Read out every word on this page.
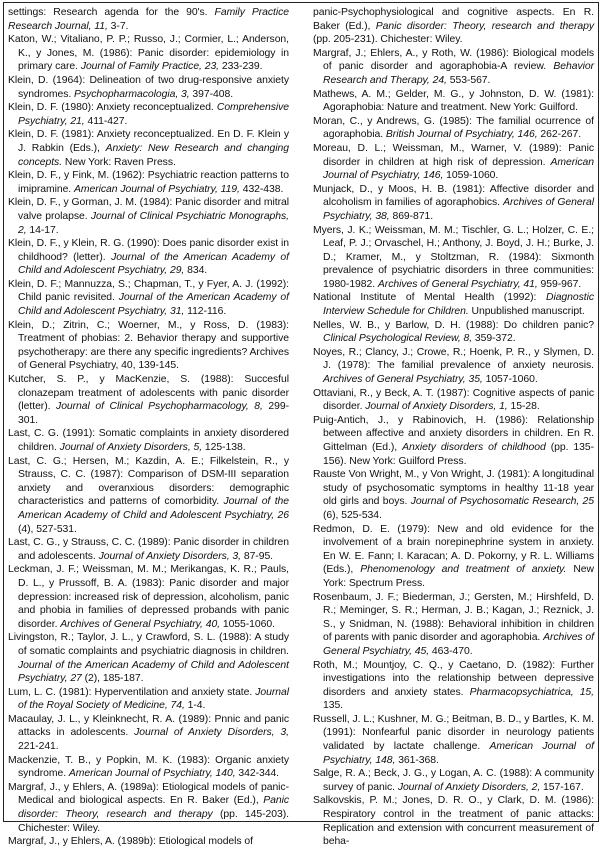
settings: Research agenda for the 90's. Family Practice Research Journal, 11, 3-7.

Katon, W.; Vitaliano, P. P.; Russo, J.; Cormier, L.; Anderson, K., y Jones, M. (1986): Panic disorder: epidemiology in primary care. Journal of Family Practice, 23, 233-239.

Klein, D. (1964): Delineation of two drug-responsive anxiety syndromes. Psychopharmacologia, 3, 397-408.

Klein, D. F. (1980): Anxiety reconceptualized. Comprehensive Psychiatry, 21, 411-427.

Klein, D. F. (1981): Anxiety reconceptualized. En D. F. Klein y J. Rabkin (Eds.), Anxiety: New Research and changing concepts. New York: Raven Press.

Klein, D. F., y Fink, M. (1962): Psychiatric reaction patterns to imipramine. American Journal of Psychiatry, 119, 432-438.

Klein, D. F., y Gorman, J. M. (1984): Panic disorder and mitral valve prolapse. Journal of Clinical Psychiatric Monographs, 2, 14-17.

Klein, D. F., y Klein, R. G. (1990): Does panic disorder exist in childhood? (letter). Journal of the American Academy of Child and Adolescent Psychiatry, 29, 834.

Klein, D. F.; Mannuzza, S.; Chapman, T., y Fyer, A. J. (1992): Child panic revisited. Journal of the American Academy of Child and Adolescent Psychiatry, 31, 112-116.

Klein, D.; Zitrin, C.; Woerner, M., y Ross, D. (1983): Treatment of phobias: 2. Behavior therapy and supportive psychotherapy: are there any specific ingredients? Archives of General Psychiatry, 40, 139-145.

Kutcher, S. P., y MacKenzie, S. (1988): Succesful clonazepam treatment of adolescents with panic disorder (letter). Journal of Clinical Psychopharmacology, 8, 299-301.

Last, C. G. (1991): Somatic complaints in anxiety disordered children. Journal of Anxiety Disorders, 5, 125-138.

Last, C. G.; Hersen, M.; Kazdin, A. E.; Filkelstein, R., y Strauss, C. C. (1987): Comparison of DSM-III separation anxiety and overanxious disorders: demographic characteristics and patterns of comorbidity. Journal of the American Academy of Child and Adolescent Psychiatry, 26 (4), 527-531.

Last, C. G., y Strauss, C. C. (1989): Panic disorder in children and adolescents. Journal of Anxiety Disorders, 3, 87-95.

Leckman, J. F.; Weissman, M. M.; Merikangas, K. R.; Pauls, D. L., y Prussoff, B. A. (1983): Panic disorder and major depression: increased risk of depression, alcoholism, panic and phobia in families of depressed probands with panic disorder. Archives of General Psychiatry, 40, 1055-1060.

Livingston, R.; Taylor, J. L., y Crawford, S. L. (1988): A study of somatic complaints and psychiatric diagnosis in children. Journal of the American Academy of Child and Adolescent Psychiatry, 27 (2), 185-187.

Lum, L. C. (1981): Hyperventilation and anxiety state. Journal of the Royal Society of Medicine, 74, 1-4.

Macaulay, J. L., y Kleinknecht, R. A. (1989): Pnnic and panic attacks in adolescents. Journal of Anxiety Disorders, 3, 221-241.

Mackenzie, T. B., y Popkin, M. K. (1983): Organic anxiety syndrome. American Journal of Psychiatry, 140, 342-344.

Margraf, J., y Ehlers, A. (1989a): Etiological models of panic-Medical and biological aspects. En R. Baker (Ed.), Panic disorder: Theory, research and therapy (pp. 145-203). Chichester: Wiley.

Margraf, J., y Ehlers, A. (1989b): Etiological models of

panic-Psychophysiological and cognitive aspects. En R. Baker (Ed.), Panic disorder: Theory, research and therapy (pp. 205-231). Chichester: Wiley.

Margraf, J.; Ehlers, A., y Roth, W. (1986): Biological models of panic disorder and agoraphobia-A review. Behavior Research and Therapy, 24, 553-567.

Mathews, A. M.; Gelder, M. G., y Johnston, D. W. (1981): Agoraphobia: Nature and treatment. New York: Guilford.

Moran, C., y Andrews, G. (1985): The familial ocurrence of agoraphobia. British Journal of Psychiatry, 146, 262-267.

Moreau, D. L.; Weissman, M., Warner, V. (1989): Panic disorder in children at high risk of depression. American Journal of Psychiatry, 146, 1059-1060.

Munjack, D., y Moos, H. B. (1981): Affective disorder and alcoholism in families of agoraphobics. Archives of General Psychiatry, 38, 869-871.

Myers, J. K.; Weissman, M. M.; Tischler, G. L.; Holzer, C. E.; Leaf, P. J.; Orvaschel, H.; Anthony, J. Boyd, J. H.; Burke, J. D.; Kramer, M., y Stoltzman, R. (1984): Sixmonth prevalence of psychiatric disorders in three communities: 1980-1982. Archives of General Psychiatry, 41, 959-967.

National Institute of Mental Health (1992): Diagnostic Interview Schedule for Children. Unpublished manuscript.

Nelles, W. B., y Barlow, D. H. (1988): Do children panic? Clinical Psychological Review, 8, 359-372.

Noyes, R.; Clancy, J.; Crowe, R.; Hoenk, P. R., y Slymen, D. J. (1978): The familial prevalence of anxiety neurosis. Archives of General Psychiatry, 35, 1057-1060.

Ottaviani, R., y Beck, A. T. (1987): Cognitive aspects of panic disorder. Journal of Anxiety Disorders, 1, 15-28.

Puig-Antich, J., y Rabinovich, H. (1986): Relationship between affective and anxiety disorders in children. En R. Gittelman (Ed.), Anxiety disorders of childhood (pp. 135-156). New York: Guilford Press.

Rauste Von Wright, M., y Von Wright, J. (1981): A longitudinal study of psychosomatic symptoms in healthy 11-18 year old girls and boys. Journal of Psychosomatic Research, 25 (6), 525-534.

Redmon, D. E. (1979): New and old evidence for the involvement of a brain norepinephrine system in anxiety. En W. E. Fann; I. Karacan; A. D. Pokorny, y R. L. Williams (Eds.), Phenomenology and treatment of anxiety. New York: Spectrum Press.

Rosenbaum, J. F.; Biederman, J.; Gersten, M.; Hirshfeld, D. R.; Meminger, S. R.; Herman, J. B.; Kagan, J.; Reznick, J. S., y Snidman, N. (1988): Behavioral inhibition in children of parents with panic disorder and agoraphobia. Archives of General Psychiatry, 45, 463-470.

Roth, M.; Mountjoy, C. Q., y Caetano, D. (1982): Further investigations into the relationship between depressive disorders and anxiety states. Pharmacopsychiatrica, 15, 135.

Russell, J. L.; Kushner, M. G.; Beitman, B. D., y Bartles, K. M. (1991): Nonfearful panic disorder in neurology patients validated by lactate challenge. American Journal of Psychiatry, 148, 361-368.

Salge, R. A.; Beck, J. G., y Logan, A. C. (1988): A community survey of panic. Journal of Anxiety Disorders, 2, 157-167.

Salkovskis, P. M.; Jones, D. R. O., y Clark, D. M. (1986): Respiratory control in the treatment of panic attacks: Replication and extension with concurrent measurement of beha-
